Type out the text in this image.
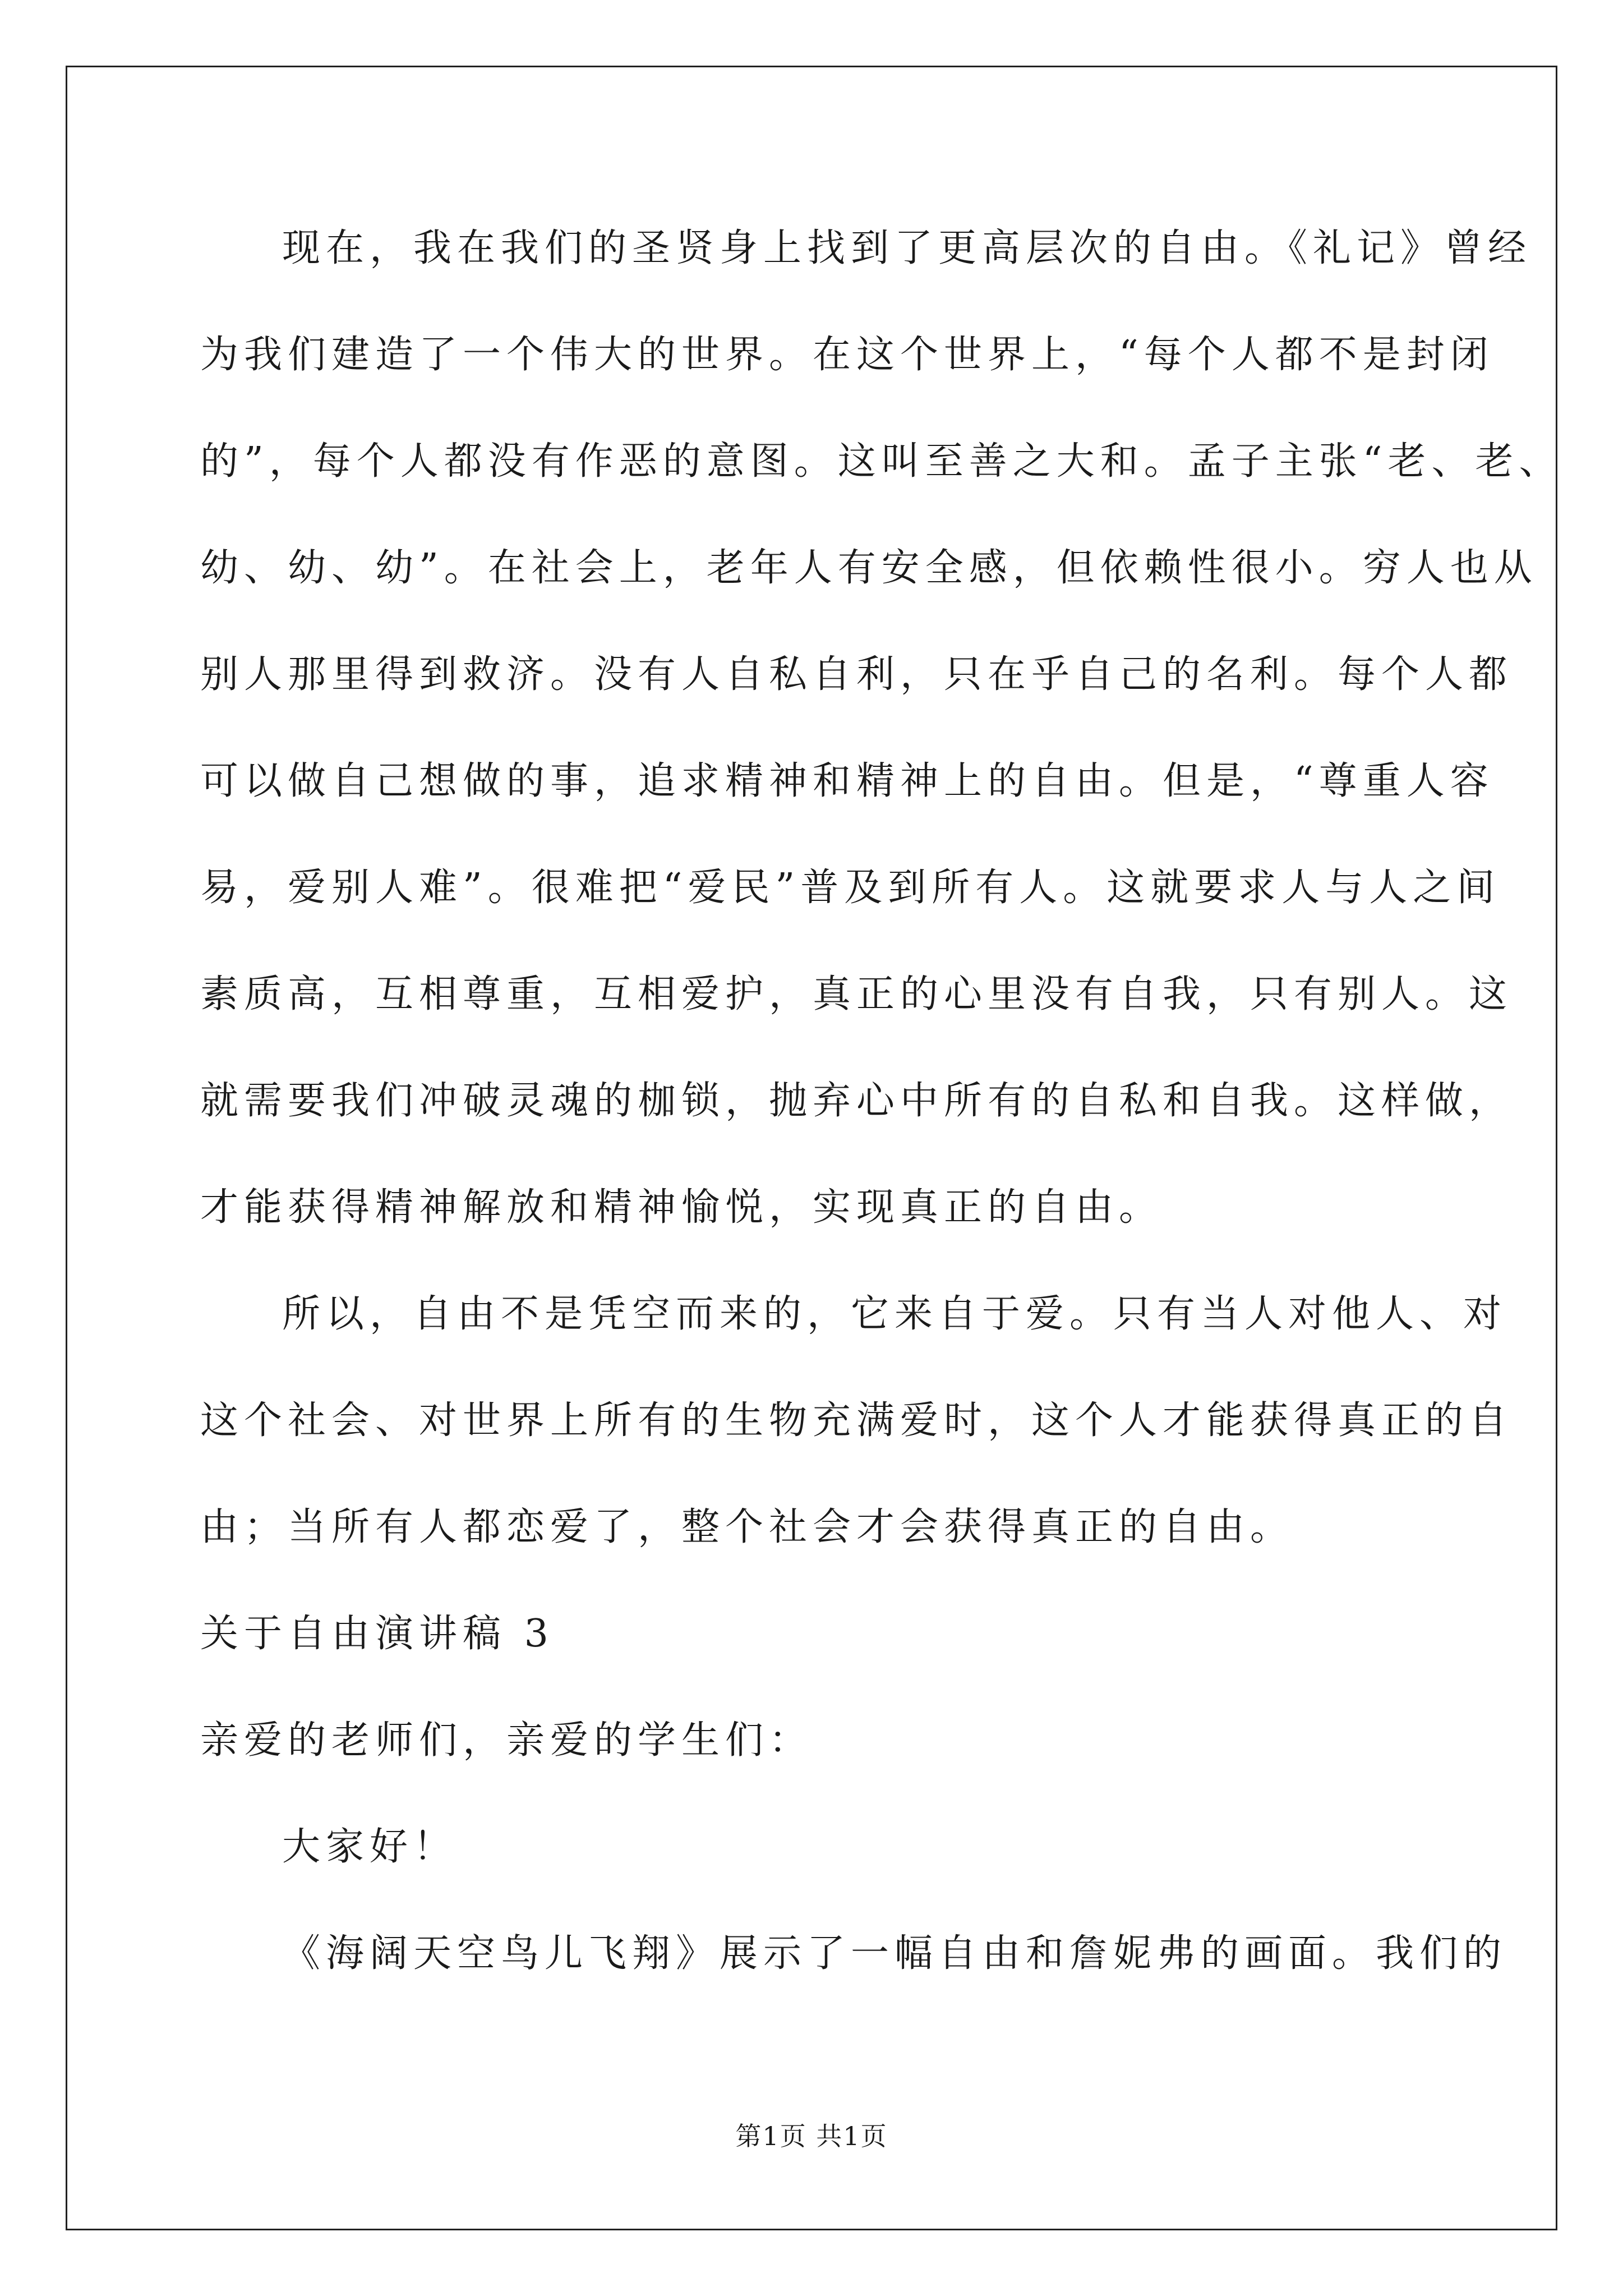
现在，我在我们的圣贤身上找到了更高层次的自由。《礼记》曾经
为我们建造了一个伟大的世界。在这个世界上，“每个人都不是封闭
的”，每个人都没有作恶的意图。这叫至善之大和。孟子主张“老、老、
幼、幼、幼”。在社会上，老年人有安全感，但依赖性很小。穷人也从
别人那里得到救济。没有人自私自利，只在乎自己的名利。每个人都
可以做自己想做的事，追求精神和精神上的自由。但是，“尊重人容
易，爱别人难”。很难把“爱民”普及到所有人。这就要求人与人之间
素质高，互相尊重，互相爱护，真正的心里没有自我，只有别人。这
就需要我们冲破灵魂的枷锁，抛弃心中所有的自私和自我。这样做，
才能获得精神解放和精神愉悦，实现真正的自由。
所以，自由不是凭空而来的，它来自于爱。只有当人对他人、对
这个社会、对世界上所有的生物充满爱时，这个人才能获得真正的自
由；当所有人都恋爱了，整个社会才会获得真正的自由。
关于自由演讲稿 3
亲爱的老师们，亲爱的学生们：
大家好！
《海阔天空鸟儿飞翔》展示了一幅自由和詹妮弗的画面。我们的
第1页 共1页
